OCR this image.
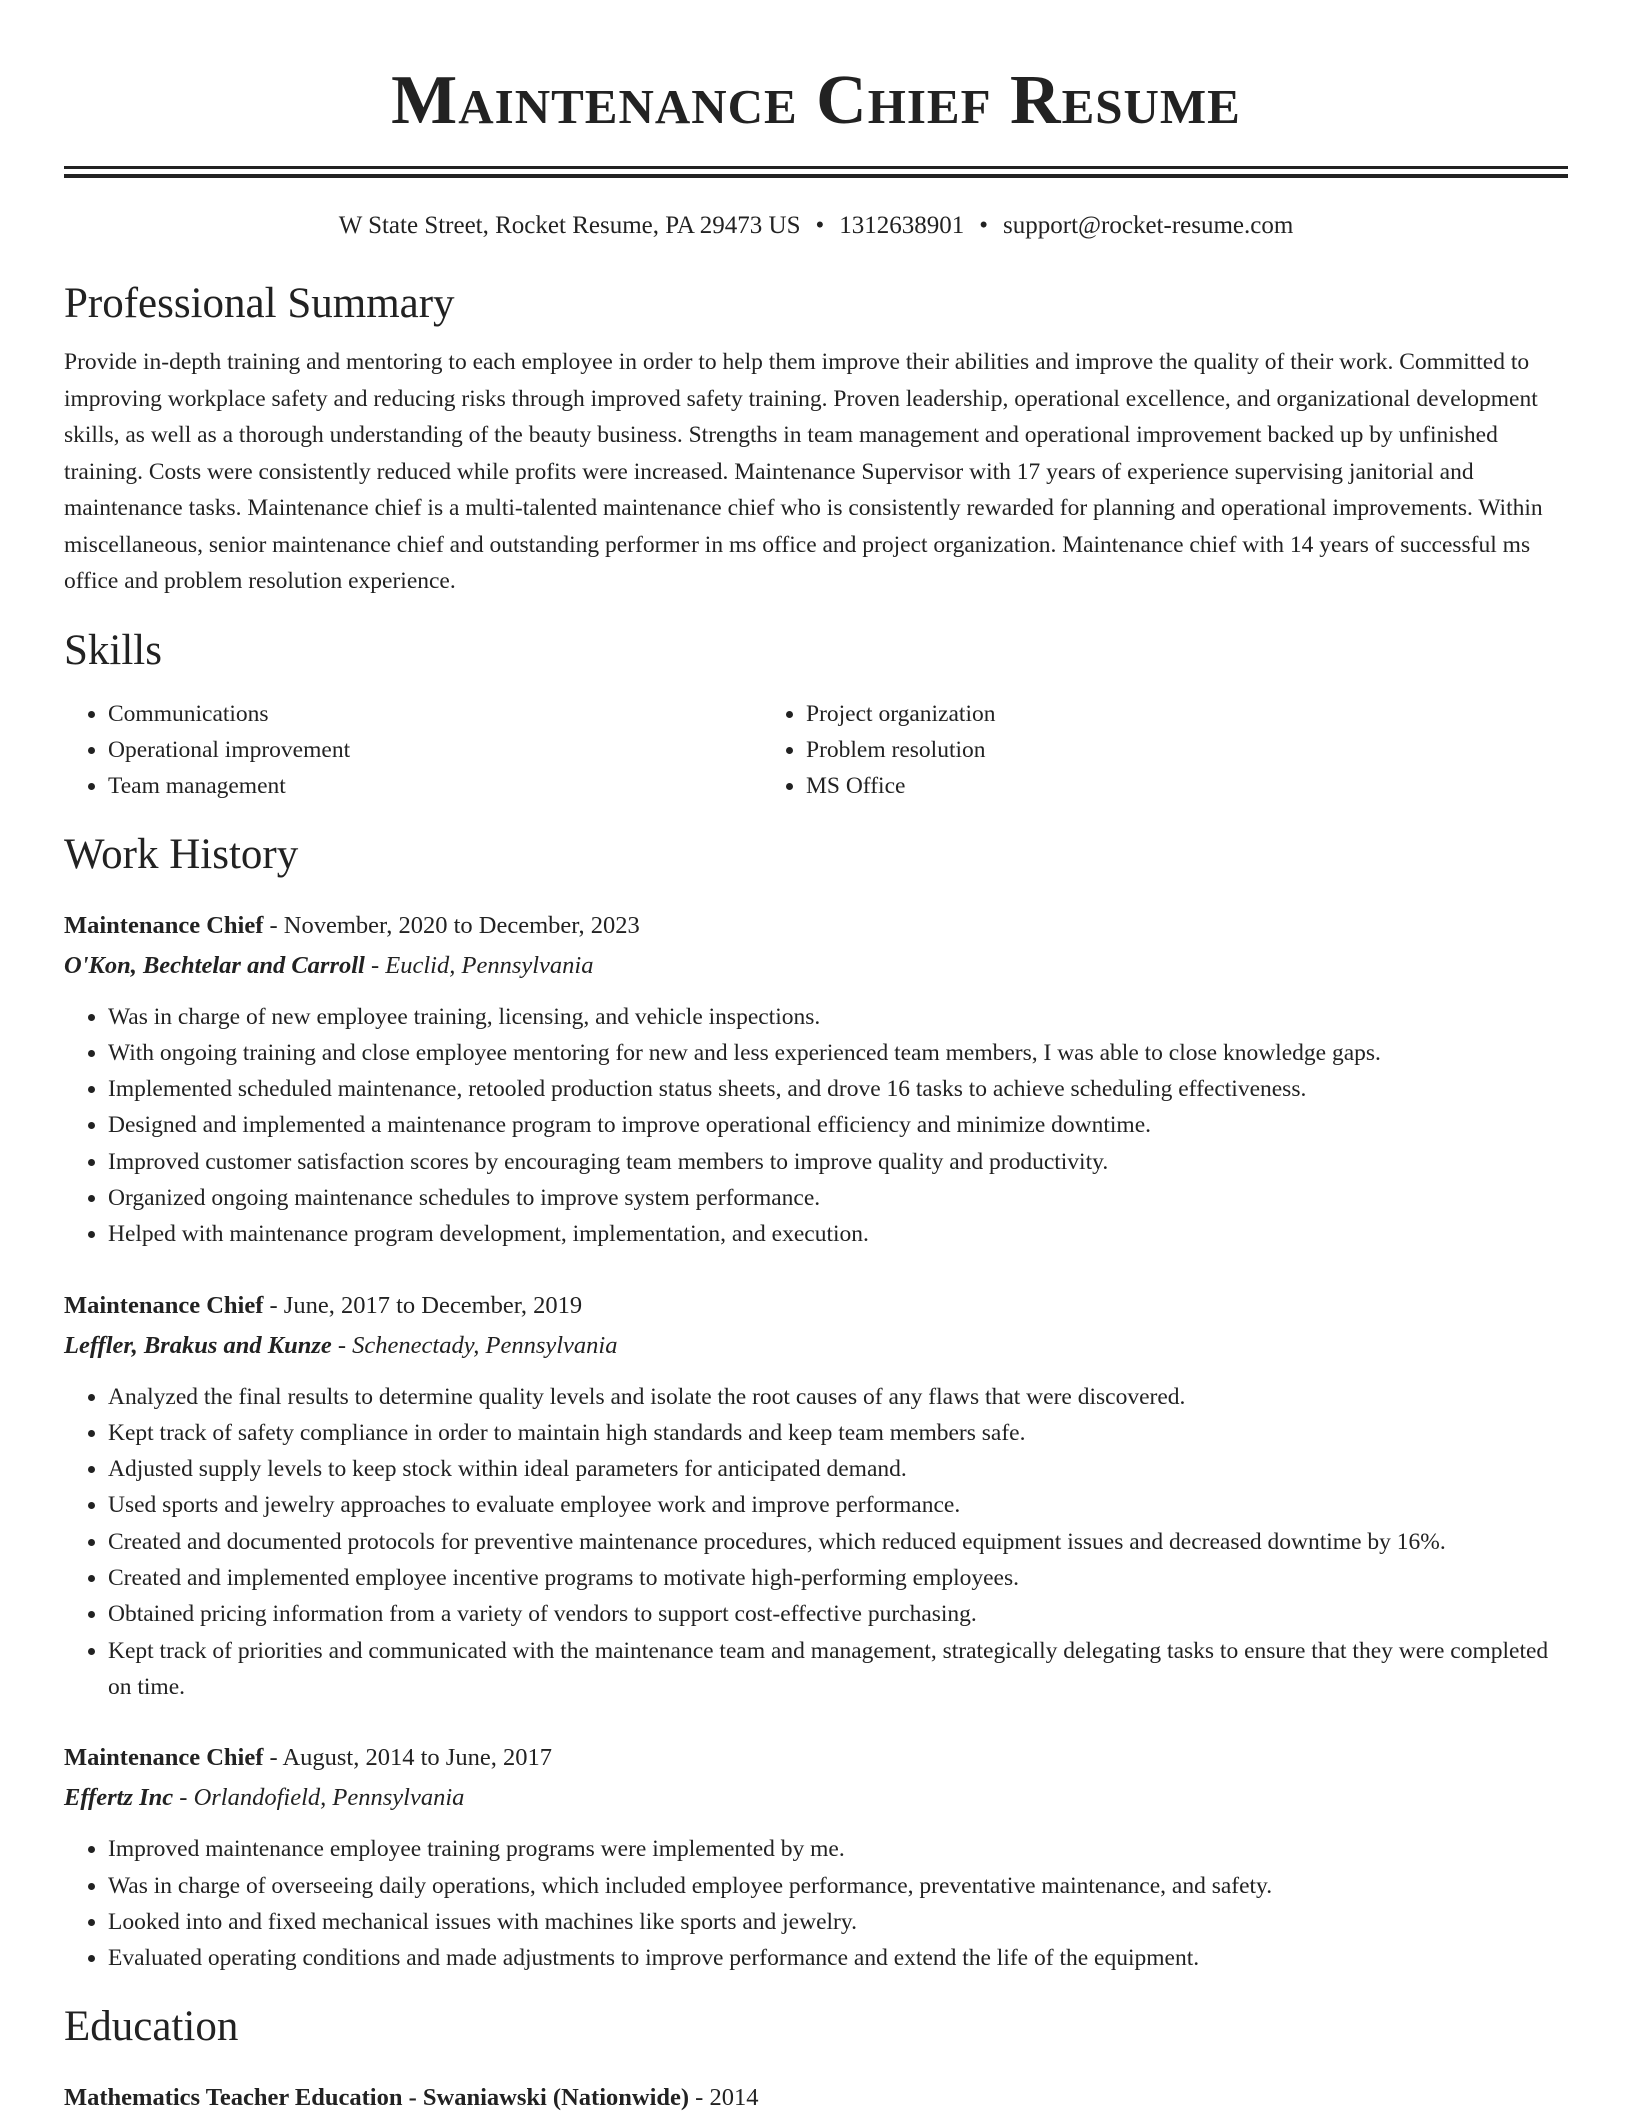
Maintenance Chief Resume
W State Street, Rocket Resume, PA 29473 US • 1312638901 • support@rocket-resume.com
Professional Summary

Provide in-depth training and mentoring to each employee in order to help them improve their abilities and improve the quality of their work. Committed to improving workplace safety and reducing risks through improved safety training. Proven leadership, operational excellence, and organizational development skills, as well as a thorough understanding of the beauty business. Strengths in team management and operational improvement backed up by unfinished training. Costs were consistently reduced while profits were increased. Maintenance Supervisor with 17 years of experience supervising janitorial and maintenance tasks. Maintenance chief is a multi-talented maintenance chief who is consistently rewarded for planning and operational improvements. Within miscellaneous, senior maintenance chief and outstanding performer in ms office and project organization. Maintenance chief with 14 years of successful ms office and problem resolution experience.

Skills
• Communications
• Operational improvement
• Team management
• Project organization
• Problem resolution
• MS Office
Work History
Maintenance Chief - November, 2020 to December, 2023
O'Kon, Bechtelar and Carroll - Euclid, Pennsylvania
• Was in charge of new employee training, licensing, and vehicle inspections.
• With ongoing training and close employee mentoring for new and less experienced team members, I was able to close knowledge gaps.
• Implemented scheduled maintenance, retooled production status sheets, and drove 16 tasks to achieve scheduling effectiveness.
• Designed and implemented a maintenance program to improve operational efficiency and minimize downtime.
• Improved customer satisfaction scores by encouraging team members to improve quality and productivity.
• Organized ongoing maintenance schedules to improve system performance.
• Helped with maintenance program development, implementation, and execution.
Maintenance Chief - June, 2017 to December, 2019
Leffler, Brakus and Kunze - Schenectady, Pennsylvania
• Analyzed the final results to determine quality levels and isolate the root causes of any flaws that were discovered.
• Kept track of safety compliance in order to maintain high standards and keep team members safe.
• Adjusted supply levels to keep stock within ideal parameters for anticipated demand.
• Used sports and jewelry approaches to evaluate employee work and improve performance.
• Created and documented protocols for preventive maintenance procedures, which reduced equipment issues and decreased downtime by 16%.
• Created and implemented employee incentive programs to motivate high-performing employees.
• Obtained pricing information from a variety of vendors to support cost-effective purchasing.
• Kept track of priorities and communicated with the maintenance team and management, strategically delegating tasks to ensure that they were completed on time.
Maintenance Chief - August, 2014 to June, 2017
Effertz Inc - Orlandofield, Pennsylvania
• Improved maintenance employee training programs were implemented by me.
• Was in charge of overseeing daily operations, which included employee performance, preventative maintenance, and safety.
• Looked into and fixed mechanical issues with machines like sports and jewelry.
• Evaluated operating conditions and made adjustments to improve performance and extend the life of the equipment.
Education
Mathematics Teacher Education - Swaniawski (Nationwide) - 2014
